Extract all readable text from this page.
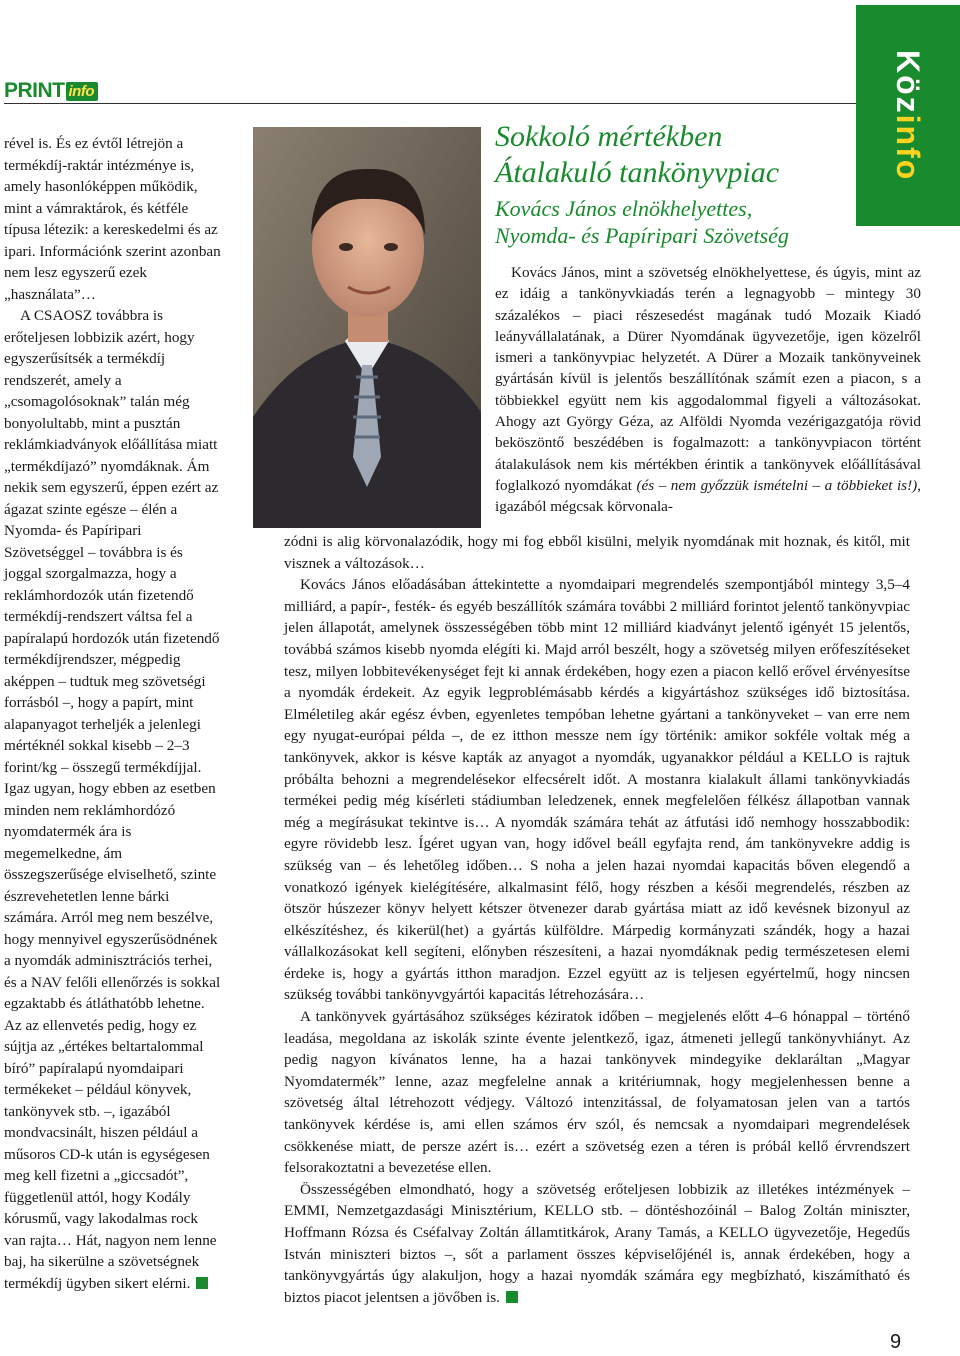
PRINT info	Közinfo

rével is. És ez évtől létrejön a termékdíj-raktár intézménye is, amely hasonlóképpen működik, mint a vámraktárok, és kétféle típusa létezik: a kereskedelmi és az ipari. Információnk szerint azonban nem lesz egyszerű ezek „használata”…

A CSAOSZ továbbra is erőteljesen lobbizik azért, hogy egyszerűsítsék a termékdíj rendszerét, amely a „csomagolósoknak” talán még bonyolultabb, mint a pusztán reklámkiadványok előállítása miatt „termékdíjazó” nyomdáknak. Ám nekik sem egyszerű, éppen ezért az ágazat szinte egésze – élén a Nyomda- és Papíripari Szövetséggel – továbbra is és joggal szorgalmazza, hogy a reklámhordozók után fizetendő termékdíj-rendszert váltsa fel a papíralapú hordozók után fizetendő termékdíjrendszer, mégpedig aképpen – tudtuk meg szövetségi forrásból –, hogy a papírt, mint alapanyagot terheljék a jelenlegi mértéknél sokkal kisebb – 2–3 forint/kg – összegű termékdíjjal. Igaz ugyan, hogy ebben az esetben minden nem reklámhordózó nyomdatermék ára is megemelkedne, ám összegszerűsége elviselhető, szinte észrevehetetlen lenne bárki számára. Arról meg nem beszélve, hogy mennyivel egyszerűsödnének a nyomdák adminisztrációs terhei, és a NAV felőli ellenőrzés is sokkal egzaktabb és átláthatóbb lehetne. Az az ellenvetés pedig, hogy ez sújtja az „értékes beltartalommal bíró” papíralapú nyomdaipari termékeket – például könyvek, tankönyvek stb. –, igazából mondvacsinált, hiszen például a műsoros CD-k után is egységesen meg kell fizetni a „giccsadót”, függetlenül attól, hogy Kodály kórusmű, vagy lakodalmas rock van rajta… Hát, nagyon nem lenne baj, ha sikerülne a szövetségnek termékdíj ügyben sikert elérni.

Sokkoló mértékben

Átalakuló tankönyvpiac

Kovács János elnökhelyettes,

Nyomda- és Papíripari Szövetség

Kovács János, mint a szövetség elnökhelyettese, és úgyis, mint az ez idáig a tankönyvkiadás terén a legnagyobb – mintegy 30 százalékos – piaci részesedést magának tudó Mozaik Kiadó leányvállalatának, a Dürer Nyomdának ügyvezetője, igen közelről ismeri a tankönyvpiac helyzetét. A Dürer a Mozaik tankönyveinek gyártásán kívül is jelentős beszállítónak számít ezen a piacon, s a többiekkel együtt nem kis aggodalommal figyeli a változásokat. Ahogy azt György Géza, az Alföldi Nyomda vezérigazgatója rövid beköszöntő beszédében is fogalmazott: a tankönyvpiacon történt átalakulások nem kis mértékben érintik a tankönyvek előállításával foglalkozó nyomdákat (és – nem győzzük ismételni – a többieket is!), igazából mégcsak körvonala-

zódni is alig körvonalazódik, hogy mi fog ebből kisülni, melyik nyomdának mit hoznak, és kitől, mit visznek a változások…

Kovács János előadásában áttekintette a nyomdaipari megrendelés szempontjából mintegy 3,5–4 milliárd, a papír-, festék- és egyéb beszállítók számára további 2 milliárd forintot jelentő tankönyvpiac jelen állapotát, amelynek összességében több mint 12 milliárd kiadványt jelentő igényét 15 jelentős, továbbá számos kisebb nyomda elégíti ki. Majd arról beszélt, hogy a szövetség milyen erőfeszítéseket tesz, milyen lobbitevékenységet fejt ki annak érdekében, hogy ezen a piacon kellő erővel érvényesítse a nyomdák érdekeit. Az egyik legproblémásabb kérdés a kigyártáshoz szükséges idő biztosítása. Elméletileg akár egész évben, egyenletes tempóban lehetne gyártani a tankönyveket – van erre nem egy nyugat-európai példa –, de ez itthon messze nem így történik: amikor sokféle voltak még a tankönyvek, akkor is késve kapták az anyagot a nyomdák, ugyanakkor például a KELLO is rajtuk próbálta behozni a megrendelésekor elfecsérelt időt. A mostanra kialakult állami tankönyvkiadás termékei pedig még kísérleti stádiumban leledzenek, ennek megfelelően félkész állapotban vannak még a megírásukat tekintve is… A nyomdák számára tehát az átfutási idő nemhogy hosszabbodik: egyre rövidebb lesz. Ígéret ugyan van, hogy idővel beáll egyfajta rend, ám tankönyvekre addig is szükség van – és lehetőleg időben… S noha a jelen hazai nyomdai kapacitás bőven elegendő a vonatkozó igények kielégítésére, alkalmasint félő, hogy részben a késői megrendelés, részben az ötször húszezer könyv helyett kétszer ötvenezer darab gyártása miatt az idő kevésnek bizonyul az elkészítéshez, és kikerül(het) a gyártás külföldre. Márpedig kormányzati szándék, hogy a hazai vállalkozásokat kell segíteni, előnyben részesíteni, a hazai nyomdáknak pedig természetesen elemi érdeke is, hogy a gyártás itthon maradjon. Ezzel együtt az is teljesen egyértelmű, hogy nincsen szükség további tankönyvgyártói kapacitás létrehozására…

A tankönyvek gyártásához szükséges kéziratok időben – megjelenés előtt 4–6 hónappal – történő leadása, megoldana az iskolák szinte évente jelentkező, igaz, átmeneti jellegű tankönyvhiányt. Az pedig nagyon kívánatos lenne, ha a hazai tankönyvek mindegyike deklaráltan „Magyar Nyomdatermék” lenne, azaz megfelelne annak a kritériumnak, hogy megjelenhessen benne a szövetség által létrehozott védjegy. Változó intenzitással, de folyamatosan jelen van a tartós tankönyvek kérdése is, ami ellen számos érv szól, és nemcsak a nyomdaipari megrendelések csökkenése miatt, de persze azért is… ezért a szövetség ezen a téren is próbál kellő érvrendszert felsorakoztatni a bevezetése ellen.

Összességében elmondható, hogy a szövetség erőteljesen lobbizik az illetékes intézmények – EMMI, Nemzetgazdasági Minisztérium, KELLO stb. – döntéshozóinál – Balog Zoltán miniszter, Hoffmann Rózsa és Cséfalvay Zoltán államtitkárok, Arany Tamás, a KELLO ügyvezetője, Hegedűs István miniszteri biztos –, sőt a parlament összes képviselőjénél is, annak érdekében, hogy a tankönyvgyártás úgy alakuljon, hogy a hazai nyomdák számára egy megbízható, kiszámítható és biztos piacot jelentsen a jövőben is.

9
